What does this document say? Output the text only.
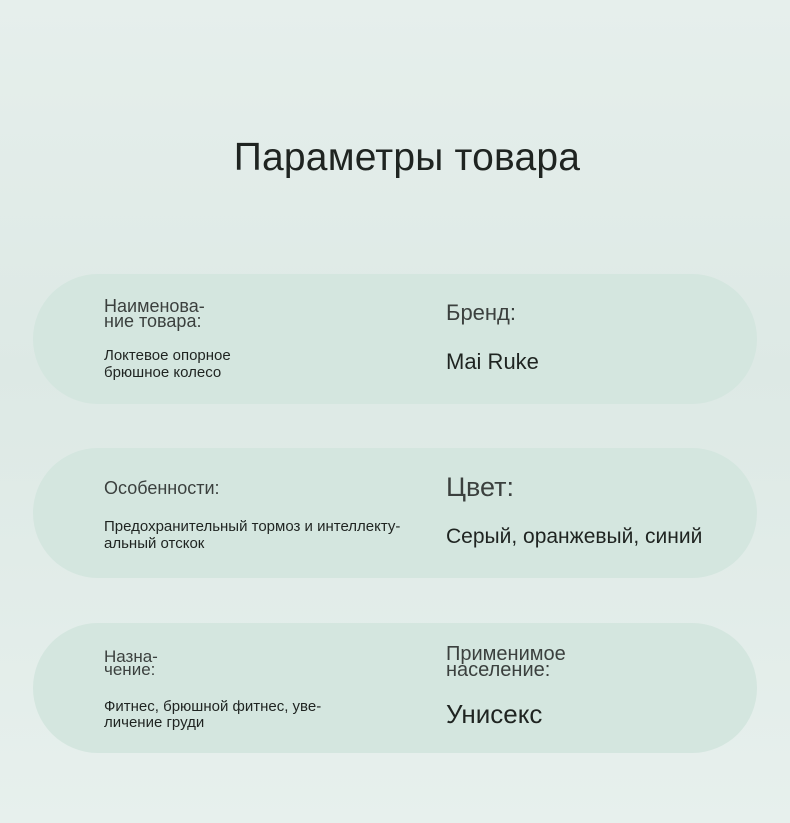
Параметры товара
Наименова-
ние товара:
Локтевое опорное
брюшное колесо
Бренд:
Mai Ruke
Особенности:
Предохранительный тормоз и интеллекту-
альный отскок
Цвет:
Серый, оранжевый, синий
Назна-
чение:
Фитнес, брюшной фитнес, уве-
личение груди
Применимое
население:
Унисекс
